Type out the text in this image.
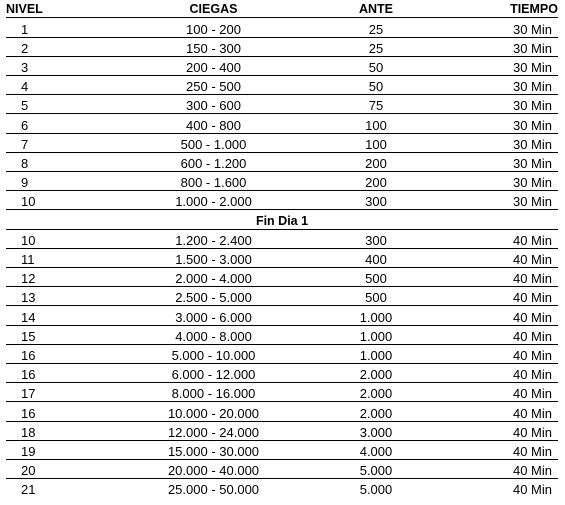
NIVEL	CIEGAS	ANTE	TIEMPO
1	100 - 200	25	30 Min
2	150 - 300	25	30 Min
3	200 - 400	50	30 Min
4	250 - 500	50	30 Min
5	300 - 600	75	30 Min
6	400 - 800	100	30 Min
7	500 - 1.000	100	30 Min
8	600 - 1.200	200	30 Min
9	800 - 1.600	200	30 Min
10	1.000 - 2.000	300	30 Min
Fin Dia 1
10	1.200 - 2.400	300	40 Min
11	1.500 - 3.000	400	40 Min
12	2.000 - 4.000	500	40 Min
13	2.500 - 5.000	500	40 Min
14	3.000 - 6.000	1.000	40 Min
15	4.000 - 8.000	1.000	40 Min
16	5.000 - 10.000	1.000	40 Min
16	6.000 - 12.000	2.000	40 Min
17	8.000 - 16.000	2.000	40 Min
16	10.000 - 20.000	2.000	40 Min
18	12.000 - 24.000	3.000	40 Min
19	15.000 - 30.000	4.000	40 Min
20	20.000 - 40.000	5.000	40 Min
21	25.000 - 50.000	5.000	40 Min
